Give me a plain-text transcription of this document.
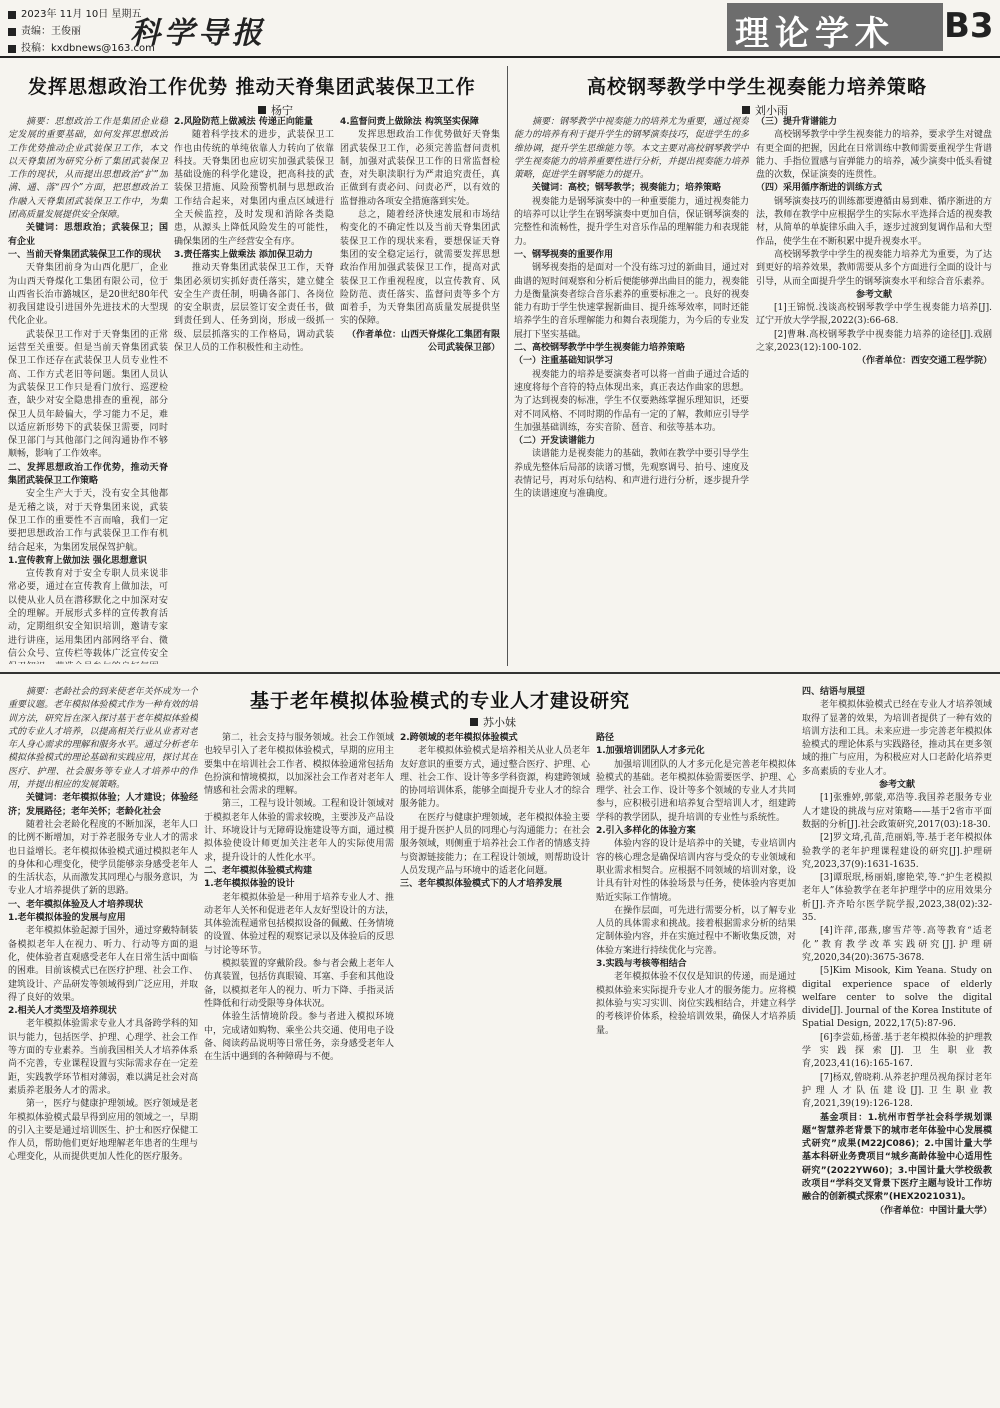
2023年 11月 10日 星期五
责编：王俊丽
投稿：kxdbnews@163.com
科学导报	理论学术 B3
发挥思想政治工作优势 推动天脊集团武装保卫工作
杨宁

摘要：思想政治工作是集团企业稳定发展的重要基础，如何发挥思想政治工作优势推动企业武装保卫工作，本文以天脊集团为研究分析了集团武装保卫工作的现状，从而提出思想政治“扩”加满、通、落“四个”方面，把思想政治工作融入天脊集团武装保卫工作中，为集团高质量发展提供安全保障。

关键词：思想政治；武装保卫；国有企业

一、当前天脊集团武装保卫工作的现状

天脊集团前身为山西化肥厂，企业为山西天脊煤化工集团有限公司，位于山西省长治市潞城区，是20世纪80年代初我国建设引进国外先进技术的大型现代化企业。

武装保卫工作对于天脊集团的正常运营至关重要。但是当前天脊集团武装保卫工作还存在武装保卫人员专业性不高、工作方式老旧等问题。集团人员认为武装保卫工作只是看门放行、巡逻检查，缺少对安全隐患排查的重视，部分保卫人员年龄偏大，学习能力不足，难以适应新形势下的武装保卫需要，同时保卫部门与其他部门之间沟通协作不够顺畅，影响了工作效率。

二、发挥思想政治工作优势，推动天脊集团武装保卫工作策略

安全生产大于天，没有安全其他都是无稽之谈，对于天脊集团来说，武装保卫工作的重要性不言而喻，我们一定要把思想政治工作与武装保卫工作有机结合起来，为集团发展保驾护航。

1.宣传教育上做加法 强化思想意识

宣传教育对于安全专职人员来说非常必要，通过在宣传教育上做加法，可以使从业人员在潜移默化之中加深对安全的理解。开展形式多样的宣传教育活动，定期组织安全知识培训，邀请专家进行讲座，运用集团内部网络平台、微信公众号、宣传栏等载体广泛宣传安全

2.风险防范上做减法 传递正向能量

随着科学技术的进步，武装保卫工作也由传统的单纯依靠人力转向了依靠科技。天脊集团也应切实加强武装保卫基础设施的科学化建设，把高科技的武装保卫措施、风险预警机制与思想政治工作结合起来，对集团内重点区域进行全天候监控，及时发现和消除各类隐患，从源头上降低风险发生的可能性，确保集团的生产经营安全有序。

3.责任落实上做乘法 添加保卫动力

推动天脊集团武装保卫工作，天脊集团必须切实抓好责任落实，建立健全安全生产责任制，明确各部门、各岗位的安全职责，层层签订安全责任书，做到责任到人、任务到岗，形成一级抓一级、层层抓落实的工作格局，调动武装保卫人员的工作积极性和主动性。

4.监督问责上做除法 构筑坚实保障

发挥思想政治工作优势做好天脊集团武装保卫工作，必须完善监督问责机制，加强对武装保卫工作的日常监督检查，对失职渎职行为严肃追究责任，真正做到有责必问、问责必严，以有效的监督推动各项安全措施落到实处。

总之，随着经济快速发展和市场结构变化的不确定性以及当前天脊集团武装保卫工作的现状来看，要想保证天脊集团的安全稳定运行，就需要发挥思想政治作用加强武装保卫工作，提高对武装保卫工作重视程度，以宣传教育、风险防范、责任落实、监督问责等多个方面着手，为天脊集团高质量发展提供坚实的保障。

（作者单位：山西天脊煤化工集团有限公司武装保卫部）

高校钢琴教学中学生视奏能力培养策略
刘小雨

摘要：钢琴教学中视奏能力的培养尤为重要，通过视奏能力的培养有利于提升学生的钢琴演奏技巧，促进学生的多维协调，提升学生思维能力等。本文主要对高校钢琴教学中学生视奏能力的培养重要性进行分析，并提出视奏能力培养策略，促进学生钢琴能力的提升。

关键词：高校；钢琴教学；视奏能力；培养策略

视奏能力是钢琴演奏中的一种重要能力，通过视奏能力的培养可以让学生在钢琴演奏中更加自信，保证钢琴演奏的完整性和流畅性，提升学生对音乐作品的理解能力和表现能力。

一、钢琴视奏的重要作用

钢琴视奏指的是面对一个没有练习过的新曲目，通过对曲谱的短时间观察和分析后便能够弹出曲目的能力，视奏能力是衡量演奏者综合音乐素养的重要标准之一。良好的视奏能力有助于学生快速掌握新曲目、提升练琴效率，同时还能培养学生的音乐理解能力和舞台表现能力，为今后的专业发展打下坚实基础。

二、高校钢琴教学中学生视奏能力培养策略

（一）注重基础知识学习

视奏能力的培养是要演奏者可以将一首曲子通过合适的速度将每个音符的特点体现出来，真正表达作曲家的思想。为了达到视奏的标准，学生不仅要熟练掌握乐理知识，还要对不同风格、不同时期的作品有一定的了解，教师应引导学生加强基础训练，夯实音阶、琶音、和弦等基本功。

（二）开发读谱能力

读谱能力是视奏能力的基础，教师在教学中要引导学生养成先整体后局部的读谱习惯，先观察调号、拍号、速度及表情记号，再对乐句结构、和声进行进行分析，逐步提升学生的读谱速度与准确度。

（三）提升背谱能力

高校钢琴教学中学生视奏能力的培养，要求学生对键盘有更全面的把握，因此在日常训练中教师需要重视学生背谱能力、手指位置感与盲弹能力的培养，减少演奏中低头看键盘的次数，保证演奏的连贯性。

（四）采用循序渐进的训练方式

钢琴演奏技巧的训练都要遵循由易到难、循序渐进的方法，教师在教学中应根据学生的实际水平选择合适的视奏教材，从简单的单旋律乐曲入手，逐步过渡到复调作品和大型作品，使学生在不断积累中提升视奏水平。

高校钢琴教学中学生的视奏能力培养尤为重要，为了达到更好的培养效果，教师需要从多个方面进行全面的设计与引导，从而全面提升学生的钢琴演奏水平和综合音乐素养。

参考文献

[1]王锦悦.浅谈高校钢琴教学中学生视奏能力培养[J].辽宁开放大学学报,2022(3):66-68.

[2]曹琳.高校钢琴教学中视奏能力培养的途径[J].戏剧之家,2023(12):100-102.

（作者单位：西安交通工程学院）

基于老年模拟体验模式的专业人才建设研究
苏小妹

摘要：老龄社会的到来使老年关怀成为一个重要议题。老年模拟体验模式作为一种有效的培训方法，研究旨在深入探讨基于老年模拟体验模式的专业人才培养，以提高相关行业从业者对老年人身心需求的理解和服务水平。通过分析老年模拟体验模式的理论基础和实践应用，探讨其在医疗、护理、社会服务等专业人才培养中的作用，并提出相应的发展策略。

关键词：老年模拟体验；人才建设；体验经济；发展路径；老年关怀；老龄化社会

随着社会老龄化程度的不断加深，老年人口的比例不断增加，对于养老服务专业人才的需求也日益增长。老年模拟体验模式通过模拟老年人的身体和心理变化，使学员能够亲身感受老年人的生活状态，从而激发其同理心与服务意识，为专业人才培养提供了新的思路。

一、老年模拟体验及人才培养现状

1.老年模拟体验的发展与应用

老年模拟体验起源于国外，通过穿戴特制装备模拟老年人在视力、听力、行动等方面的退化，使体验者直观感受老年人在日常生活中面临的困难。目前该模式已在医疗护理、社会工作、建筑设计、产品研发等领域得到广泛应用，并取得了良好的效果。

2.相关人才类型及培养现状

老年模拟体验需求专业人才具备跨学科的知识与能力，包括医学、护理、心理学、社会工作等方面的专业素养。当前我国相关人才培养体系尚不完善，专业课程设置与实际需求存在一定差距，实践教学环节相对薄弱，难以满足社会对高素质养老服务人才的需求。

第一，医疗与健康护理领域。医疗领域是老年模拟体验模式最早得到应用的领域之一，早期的引入主要是通过培训医生、护士和医疗保健工作人员，帮助他们更好地理解老年患者的生理与心理变化，从而提供更加人性化的医疗服务。

第二，社会支持与服务领域。社会工作领域也较早引入了老年模拟体验模式，早期的应用主要集中在培训社会工作者、模拟体验通常包括角色扮演和情境模拟，以加深社会工作者对老年人情感和社会需求的理解。

第三，工程与设计领域。工程和设计领域对于模拟老年人体验的需求较晚，主要涉及产品设计、环境设计与无障碍设施建设等方面，通过模拟体验使设计师更加关注老年人的实际使用需求，提升设计的人性化水平。

二、老年模拟体验模式构建

1.老年模拟体验的设计

老年模拟体验是一种用于培养专业人才、推动老年人关怀和促进老年人友好型设计的方法，其体验流程通常包括模拟设备的佩戴、任务情境的设置、体验过程的观察记录以及体验后的反思与讨论等环节。

模拟装置的穿戴阶段。参与者会戴上老年人仿真装置，包括仿真眼镜、耳塞、手套和其他设备，以模拟老年人的视力、听力下降、手指灵活性降低和行动受限等身体状况。

体验生活情境阶段。参与者进入模拟环境中，完成诸如购物、乘坐公共交通、使用电子设备、阅读药品说明等日常任务，亲身感受老年人在生活中遇到的各种障碍与不便。

2.跨领域的老年模拟体验模式

老年模拟体验模式是培养相关从业人员老年友好意识的重要方式，通过整合医疗、护理、心理、社会工作、设计等多学科资源，构建跨领域的协同培训体系，能够全面提升专业人才的综合服务能力。

在医疗与健康护理领域，老年模拟体验主要用于提升医护人员的同理心与沟通能力；在社会服务领域，则侧重于培养社会工作者的情感支持与资源链接能力；在工程设计领域，则帮助设计人员发现产品与环境中的适老化问题。

三、老年模拟体验模式下的人才培养发展

路径

1.加强培训团队人才多元化

加强培训团队的人才多元化是完善老年模拟体验模式的基础。老年模拟体验需要医学、护理、心理学、社会工作、设计等多个领域的专业人才共同参与，应积极引进和培养复合型培训人才，组建跨学科的教学团队，提升培训的专业性与系统性。

2.引入多样化的体验方案

体验内容的设计是培养中的关键，专业培训内容的核心理念是确保培训内容与受众的专业领域和职业需求相契合。应根据不同领域的培训对象，设计具有针对性的体验场景与任务，使体验内容更加贴近实际工作情境。

在操作层面，可先进行需要分析，以了解专业人员的具体需求和挑战。接着根据需求分析的结果定制体验内容，并在实施过程中不断收集反馈，对体验方案进行持续优化与完善。

3.实践与考核等相结合

老年模拟体验不仅仅是知识的传递，而是通过模拟体验来实际提升专业人才的服务能力。应将模拟体验与实习实训、岗位实践相结合，并建立科学的考核评价体系，检验培训效果，确保人才培养质量。

四、结语与展望

老年模拟体验模式已经在专业人才培养领域取得了显著的效果，为培训者提供了一种有效的培训方法和工具。未来应进一步完善老年模拟体验模式的理论体系与实践路径，推动其在更多领域的推广与应用，为积极应对人口老龄化培养更多高素质的专业人才。

参考文献

[1]张雅婷,郭蒙,邓浩等.我国养老服务专业人才建设的挑战与应对策略——基于2省市平面数据的分析[J].社会政策研究,2017(03):18-30.

[2]罗文琦,孔苗,范丽娟,等.基于老年模拟体验教学的老年护理课程建设的研究[J].护理研究,2023,37(9):1631-1635.

[3]谭珉珉,杨丽娟,廖艳荣,等.“护生老模拟老年人”体验教学在老年护理学中的应用效果分析[J].齐齐哈尔医学院学报,2023,38(02):32-35.

[4]许萍,邵燕,廖雪芹等.高等教育“适老化”教育教学改革实践研究[J].护理研究,2020,34(20):3675-3678.

[5]Kim Misook, Kim Yeana. Study on digital experience space of elderly welfare center to solve the digital divide[J]. Journal of the Korea Institute of Spatial Design, 2022,17(5):87-96.

[6]李尝茹,杨蕾.基于老年模拟体验的护理教学实践探索[J].卫生职业教育,2023,41(16):165-167.

[7]杨双,曾晓莉.从养老护理员视角探讨老年护理人才队伍建设[J].卫生职业教育,2021,39(19):126-128.

基金项目：1.杭州市哲学社会科学规划课题“智慧养老背景下的城市老年体验中心发展模式研究”成果(M22JC086)；2.中国计量大学基本科研业务费项目“城乡高龄体验中心适用性研究”(2022YW60)；3.中国计量大学校级教改项目“学科交叉背景下医疗主题与设计工作坊融合的创新模式探索”(HEX2021031)。

（作者单位：中国计量大学）
